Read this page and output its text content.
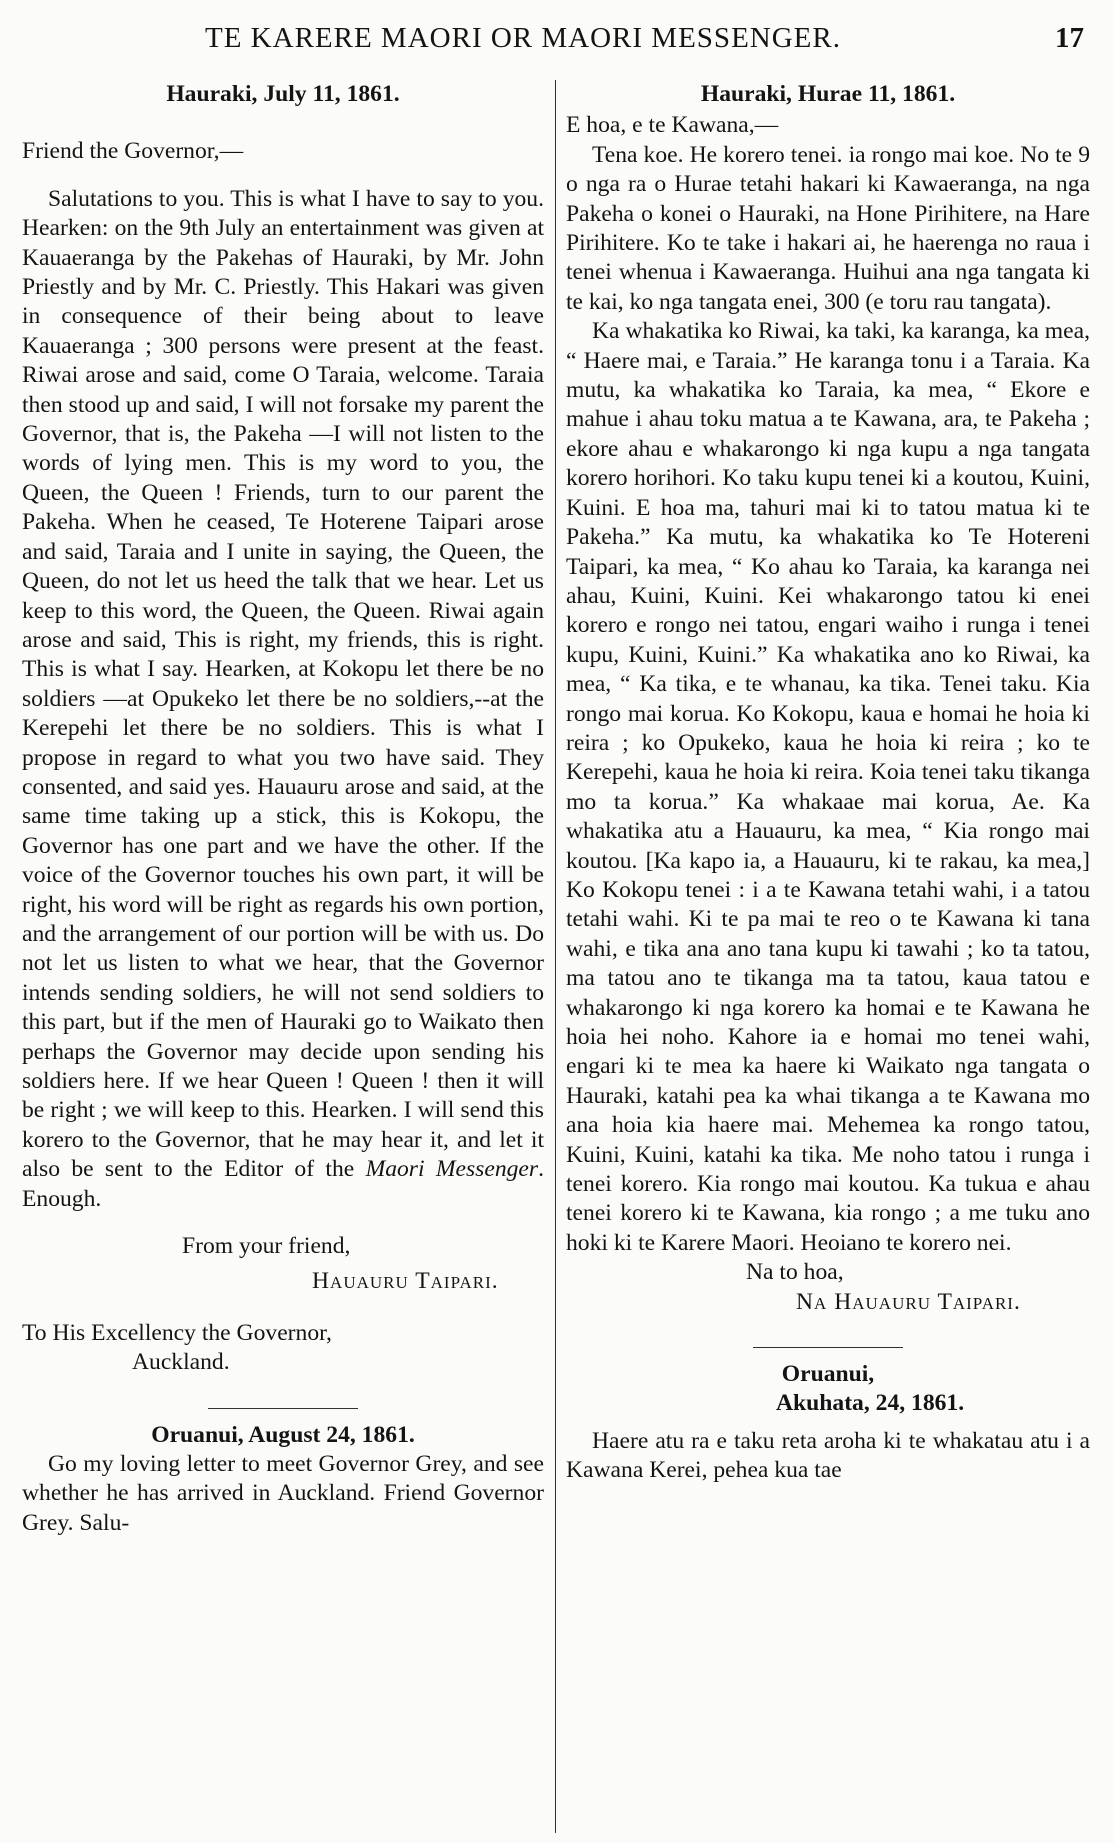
TE KARERE MAORI OR MAORI MESSENGER.	17

Hauraki, July 11, 1861.

Friend the Governor,—

Salutations to you. This is what I have to say to you. Hearken: on the 9th July an entertainment was given at Kauaeranga by the Pakehas of Hauraki, by Mr. John Priestly and by Mr. C. Priestly. This Hakari was given in consequence of their being about to leave Kauaeranga ; 300 persons were present at the feast. Riwai arose and said, come O Taraia, welcome. Taraia then stood up and said, I will not forsake my parent the Governor, that is, the Pakeha —I will not listen to the words of lying men. This is my word to you, the Queen, the Queen ! Friends, turn to our parent the Pakeha. When he ceased, Te Hoterene Taipari arose and said, Taraia and I unite in saying, the Queen, the Queen, do not let us heed the talk that we hear. Let us keep to this word, the Queen, the Queen. Riwai again arose and said, This is right, my friends, this is right. This is what I say. Hearken, at Kokopu let there be no soldiers —at Opukeko let there be no soldiers,--at the Kerepehi let there be no soldiers. This is what I propose in regard to what you two have said. They consented, and said yes. Hauauru arose and said, at the same time taking up a stick, this is Kokopu, the Governor has one part and we have the other. If the voice of the Governor touches his own part, it will be right, his word will be right as regards his own portion, and the arrangement of our portion will be with us. Do not let us listen to what we hear, that the Governor intends sending soldiers, he will not send soldiers to this part, but if the men of Hauraki go to Waikato then perhaps the Governor may decide upon sending his soldiers here. If we hear Queen ! Queen ! then it will be right ; we will keep to this. Hearken. I will send this korero to the Governor, that he may hear it, and let it also be sent to the Editor of the Maori Messenger. Enough.

From your friend,

Hauauru Taipari.

To His Excellency the Governor,

Auckland.

Oruanui, August 24, 1861.

Go my loving letter to meet Governor Grey, and see whether he has arrived in Auckland. Friend Governor Grey. Salu-

Hauraki, Hurae 11, 1861.

E hoa, e te Kawana,—

Tena koe. He korero tenei. ia rongo mai koe. No te 9 o nga ra o Hurae tetahi hakari ki Kawaeranga, na nga Pakeha o konei o Hauraki, na Hone Pirihitere, na Hare Pirihitere. Ko te take i hakari ai, he haerenga no raua i tenei whenua i Kawaeranga. Huihui ana nga tangata ki te kai, ko nga tangata enei, 300 (e toru rau tangata).

Ka whakatika ko Riwai, ka taki, ka karanga, ka mea, “ Haere mai, e Taraia.” He karanga tonu i a Taraia. Ka mutu, ka whakatika ko Taraia, ka mea, “ Ekore e mahue i ahau toku matua a te Kawana, ara, te Pakeha ; ekore ahau e whakarongo ki nga kupu a nga tangata korero horihori. Ko taku kupu tenei ki a koutou, Kuini, Kuini. E hoa ma, tahuri mai ki to tatou matua ki te Pakeha.” Ka mutu, ka whakatika ko Te Hotereni Taipari, ka mea, “ Ko ahau ko Taraia, ka karanga nei ahau, Kuini, Kuini. Kei whakarongo tatou ki enei korero e rongo nei tatou, engari waiho i runga i tenei kupu, Kuini, Kuini.” Ka whakatika ano ko Riwai, ka mea, “ Ka tika, e te whanau, ka tika. Tenei taku. Kia rongo mai korua. Ko Kokopu, kaua e homai he hoia ki reira ; ko Opukeko, kaua he hoia ki reira ; ko te Kerepehi, kaua he hoia ki reira. Koia tenei taku tikanga mo ta korua.” Ka whakaae mai korua, Ae. Ka whakatika atu a Hauauru, ka mea, “ Kia rongo mai koutou. [Ka kapo ia, a Hauauru, ki te rakau, ka mea,] Ko Kokopu tenei : i a te Kawana tetahi wahi, i a tatou tetahi wahi. Ki te pa mai te reo o te Kawana ki tana wahi, e tika ana ano tana kupu ki tawahi ; ko ta tatou, ma tatou ano te tikanga ma ta tatou, kaua tatou e whakarongo ki nga korero ka homai e te Kawana he hoia hei noho. Kahore ia e homai mo tenei wahi, engari ki te mea ka haere ki Waikato nga tangata o Hauraki, katahi pea ka whai tikanga a te Kawana mo ana hoia kia haere mai. Mehemea ka rongo tatou, Kuini, Kuini, katahi ka tika. Me noho tatou i runga i tenei korero. Kia rongo mai koutou. Ka tukua e ahau tenei korero ki te Kawana, kia rongo ; a me tuku ano hoki ki te Karere Maori. Heoiano te korero nei.

Na to hoa,

Na Hauauru Taipari.

Oruanui,

Akuhata, 24, 1861.

Haere atu ra e taku reta aroha ki te whakatau atu i a Kawana Kerei, pehea kua tae
